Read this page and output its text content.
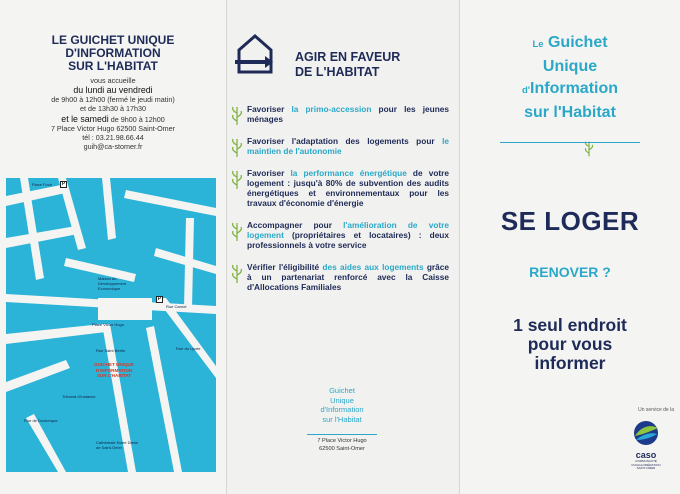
LE GUICHET UNIQUE
D'INFORMATION
SUR L'HABITAT
vous accueille
du lundi au vendredi
de 9h00 à 12h00 (fermé le jeudi matin)
et de 13h30 à 17h30
et le samedi de 9h00 à 12h00
7 Place Victor Hugo 62500 Saint-Omer
tél : 03.21.98.66.44
guih@ca-stomer.fr
Place Foch	P
Maison du Développement Economique
P
Place Victor Hugo
Rue Carnot
Rue Saint Bertin	Rue du Lycée
Tribunal d'Instance
Cathédrale Notre Dame de Saint-Omer
Rue de Dunkerque
GUICHET UNIQUE
D'INFORMATION
SUR L'HABITAT
AGIR EN FAVEUR
DE L'HABITAT
Favoriser la primo-accession pour les jeunes ménages
Favoriser l'adaptation des logements pour le maintien de l'autonomie
Favoriser la performance énergétique de votre logement : jusqu'à 80% de subvention des audits énergétiques et environnementaux pour les travaux d'économie d'énergie
Accompagner pour l'amélioration de votre logement (propriétaires et locataires) : deux professionnels à votre service
Vérifier l'éligibilité des aides aux logements grâce à un partenariat renforcé avec la Caisse d'Allocations Familiales
Guichet
Unique
d'Information
sur l'Habitat
7 Place Victor Hugo
62500 Saint-Omer
Le Guichet
Unique
d'Information
sur l'Habitat
SE LOGER
RENOVER ?
1 seul endroit
pour vous
informer
Un service de la
caso
COMMUNAUTÉ
D'AGGLOMÉRATION
SAINT-OMER
